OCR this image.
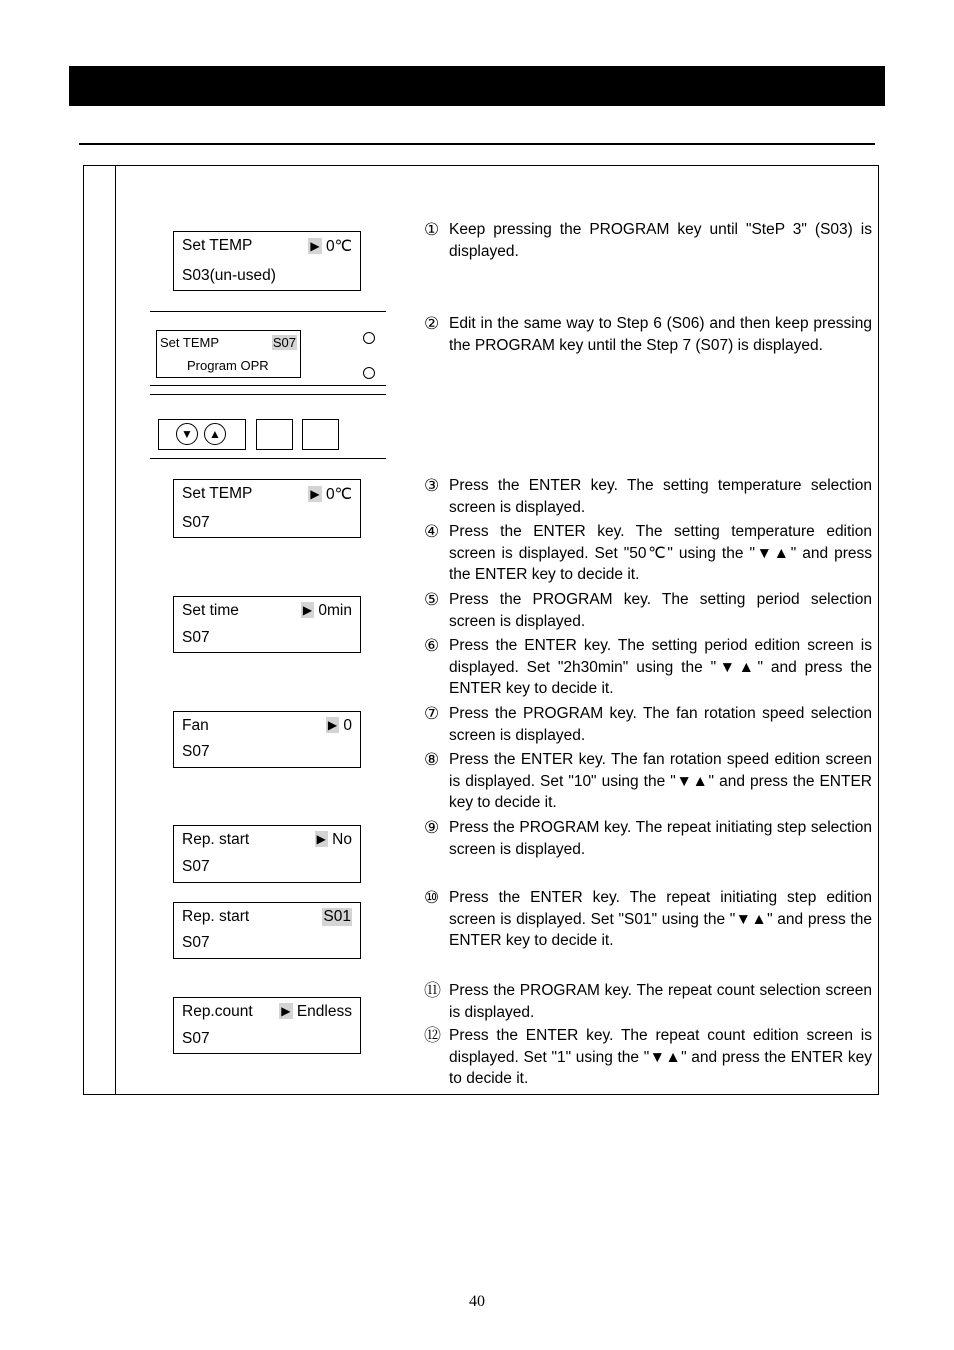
Set TEMP	▶ 0℃
S03(un-used)
Set TEMP	S07
Program OPR
▼	▲
Set TEMP	▶ 0℃
S07
Set time	▶ 0min
S07
Fan	▶ 0
S07
Rep. start	▶ No
S07
Rep. start	S01
S07
Rep.count ▶ Endless
S07
① Keep pressing the PROGRAM key until "SteP 3" (S03) is displayed.
② Edit in the same way to Step 6 (S06) and then keep pressing the PROGRAM key until the Step 7 (S07) is displayed.
③ Press the ENTER key. The setting temperature selection screen is displayed.
④ Press the ENTER key. The setting temperature edition screen is displayed. Set "50℃" using the "▼▲" and press the ENTER key to decide it.
⑤ Press the PROGRAM key. The setting period selection screen is displayed.
⑥ Press the ENTER key. The setting period edition screen is displayed. Set "2h30min" using the "▼▲" and press the ENTER key to decide it.
⑦ Press the PROGRAM key. The fan rotation speed selection screen is displayed.
⑧ Press the ENTER key. The fan rotation speed edition screen is displayed. Set "10" using the "▼▲" and press the ENTER key to decide it.
⑨ Press the PROGRAM key. The repeat initiating step selection screen is displayed.
⑩ Press the ENTER key. The repeat initiating step edition screen is displayed. Set "S01" using the "▼▲" and press the ENTER key to decide it.
⑪ Press the PROGRAM key. The repeat count selection screen is displayed.
⑫ Press the ENTER key. The repeat count edition screen is displayed. Set "1" using the "▼▲" and press the ENTER key to decide it.
40
